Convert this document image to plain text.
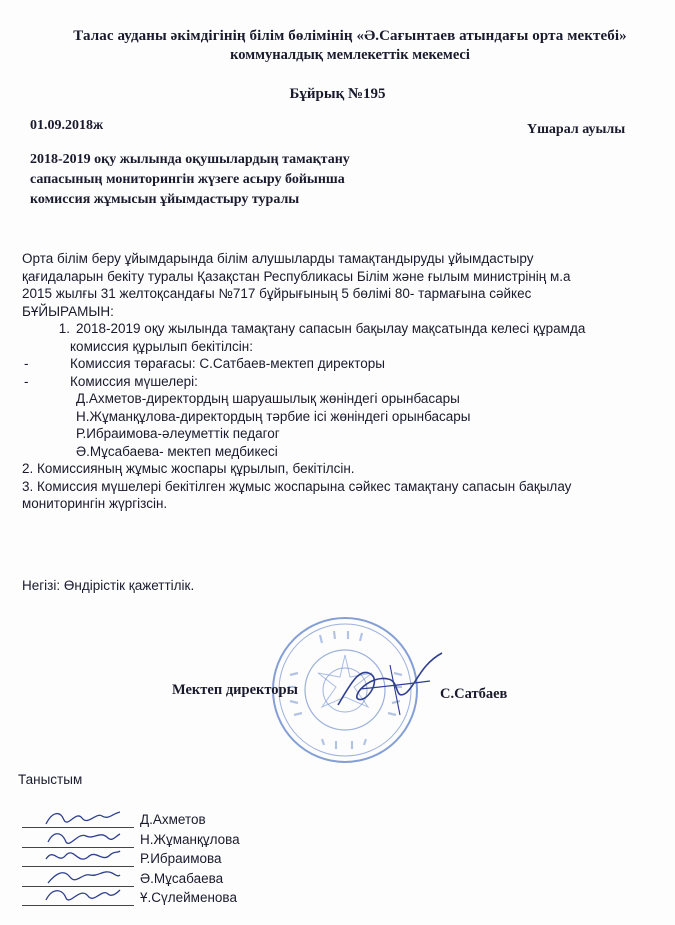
Талас ауданы әкімдігінің білім бөлімінің «Ә.Сағынтаев атындағы орта мектебі»
коммуналдық мемлекеттік мекемесі
Бұйрық №195
01.09.2018ж	Үшарал ауылы
2018-2019 оқу жылында оқушылардың тамақтану
сапасының мониторингін жүзеге асыру бойынша
комиссия жұмысын ұйымдастыру туралы
Орта білім беру ұйымдарында білім алушыларды тамақтандыруды ұйымдастыру
қағидаларын бекіту туралы Қазақстан Республикасы Білім және ғылым министрінің м.а
2015 жылғы 31 желтоқсандағы №717 бұйрығының 5 бөлімі 80- тармағына сәйкес
БҰЙЫРАМЫН:
1. 2018-2019 оқу жылында тамақтану сапасын бақылау мақсатында келесі құрамда
комиссия құрылып бекітілсін:
-	Комиссия төрағасы: С.Сатбаев-мектеп директоры
-	Комиссия мүшелері:
Д.Ахметов-директордың шаруашылық жөніндегі орынбасары
Н.Жұманқұлова-директордың тәрбие ісі жөніндегі орынбасары
Р.Ибраимова-әлеуметтік педагог
Ә.Мұсабаева- мектеп медбикесі
2. Комиссияның жұмыс жоспары құрылып, бекітілсін.
3. Комиссия мүшелері бекітілген жұмыс жоспарына сәйкес тамақтану сапасын бақылау
мониторингін жүргізсін.
Негізі: Өндірістік қажеттілік.
Мектеп директоры	С.Сатбаев
Таныстым
Д.Ахметов
Н.Жұманқұлова
Р.Ибраимова
Ә.Мұсабаева
Ұ.Сүлейменова
